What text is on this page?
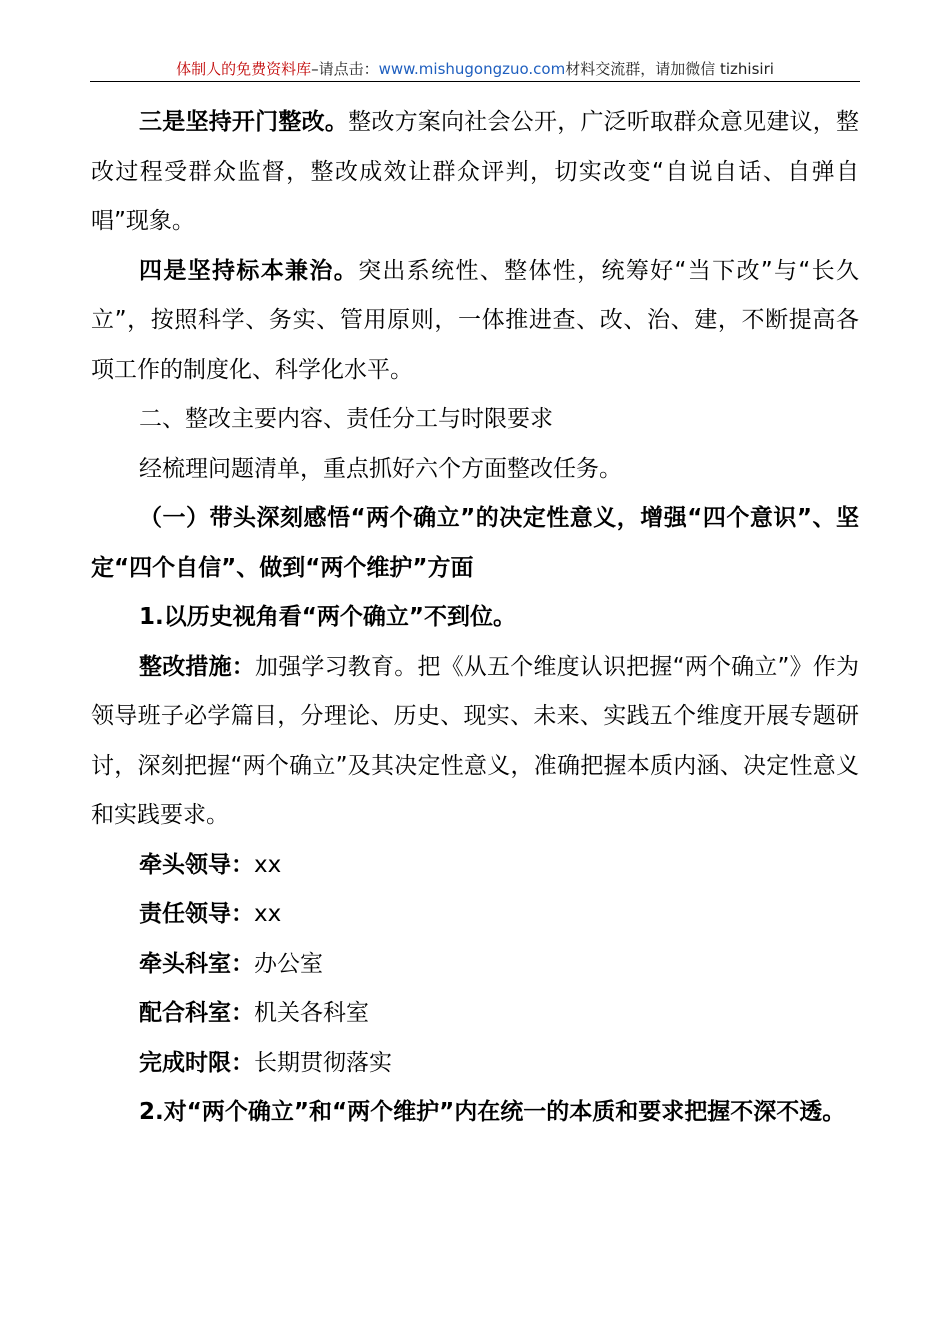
体制人的免费资料库–请点击：www.mishugongzuo.com材料交流群，请加微信 tizhisiri

三是坚持开门整改。整改方案向社会公开，广泛听取群众意见建议，整改过程受群众监督，整改成效让群众评判，切实改变“自说自话、自弹自唱”现象。

四是坚持标本兼治。突出系统性、整体性，统筹好“当下改”与“长久立”，按照科学、务实、管用原则，一体推进查、改、治、建，不断提高各项工作的制度化、科学化水平。

二、整改主要内容、责任分工与时限要求

经梳理问题清单，重点抓好六个方面整改任务。

（一）带头深刻感悟“两个确立”的决定性意义，增强“四个意识”、坚定“四个自信”、做到“两个维护”方面

1.以历史视角看“两个确立”不到位。

整改措施：加强学习教育。把《从五个维度认识把握“两个确立”》作为领导班子必学篇目，分理论、历史、现实、未来、实践五个维度开展专题研讨，深刻把握“两个确立”及其决定性意义，准确把握本质内涵、决定性意义和实践要求。

牵头领导：xx

责任领导：xx

牵头科室：办公室

配合科室：机关各科室

完成时限：长期贯彻落实

2.对“两个确立”和“两个维护”内在统一的本质和要求把握不深不透。
